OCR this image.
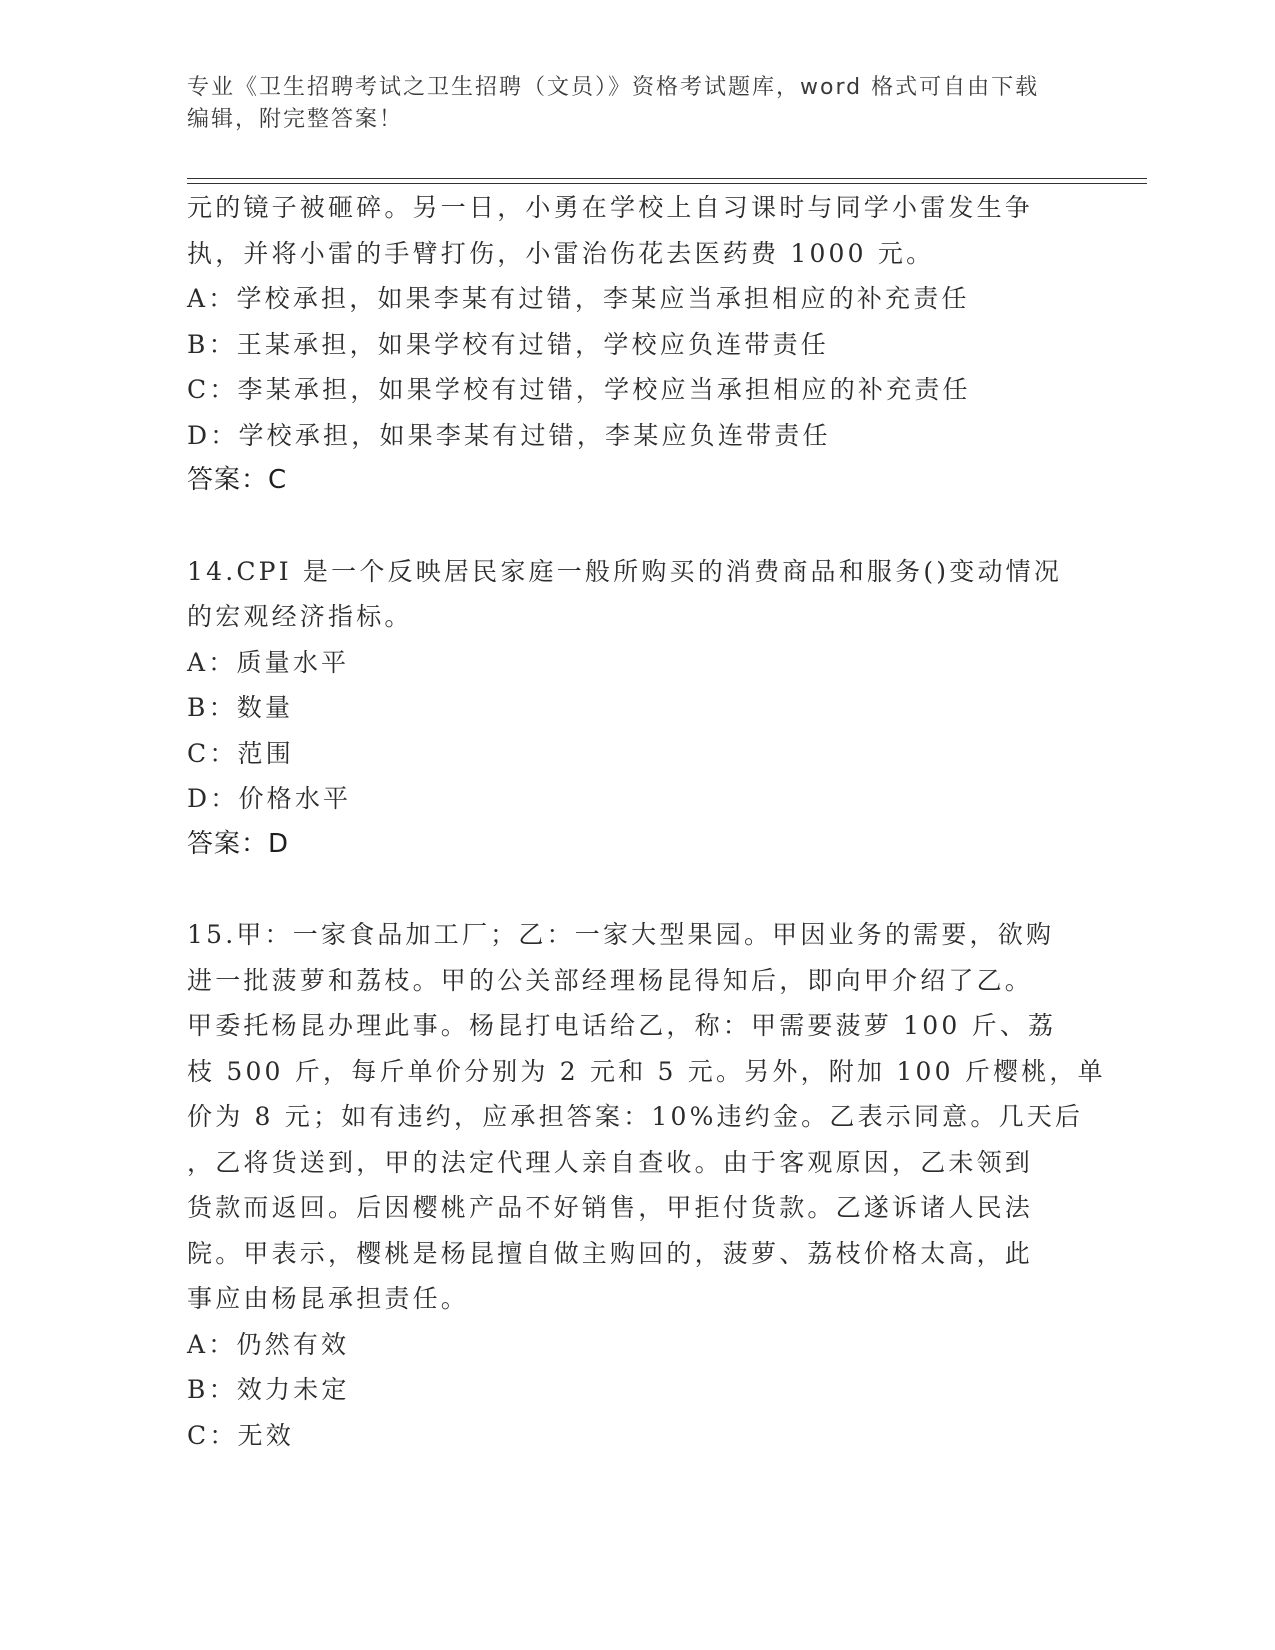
专业《卫生招聘考试之卫生招聘（文员）》资格考试题库，word 格式可自由下载
编辑，附完整答案！
元的镜子被砸碎。另一日，小勇在学校上自习课时与同学小雷发生争
执，并将小雷的手臂打伤，小雷治伤花去医药费 1000 元。
A：学校承担，如果李某有过错，李某应当承担相应的补充责任
B：王某承担，如果学校有过错，学校应负连带责任
C：李某承担，如果学校有过错，学校应当承担相应的补充责任
D：学校承担，如果李某有过错，李某应负连带责任
答案：C
14.CPI 是一个反映居民家庭一般所购买的消费商品和服务()变动情况
的宏观经济指标。
A：质量水平
B：数量
C：范围
D：价格水平
答案：D
15.甲：一家食品加工厂；乙：一家大型果园。甲因业务的需要，欲购
进一批菠萝和荔枝。甲的公关部经理杨昆得知后，即向甲介绍了乙。
甲委托杨昆办理此事。杨昆打电话给乙，称：甲需要菠萝 100 斤、荔
枝 500 斤，每斤单价分别为 2 元和 5 元。另外，附加 100 斤樱桃，单
价为 8 元；如有违约，应承担答案：10%违约金。乙表示同意。几天后
，乙将货送到，甲的法定代理人亲自查收。由于客观原因，乙未领到
货款而返回。后因樱桃产品不好销售，甲拒付货款。乙遂诉诸人民法
院。甲表示，樱桃是杨昆擅自做主购回的，菠萝、荔枝价格太高，此
事应由杨昆承担责任。
A：仍然有效
B：效力未定
C：无效
